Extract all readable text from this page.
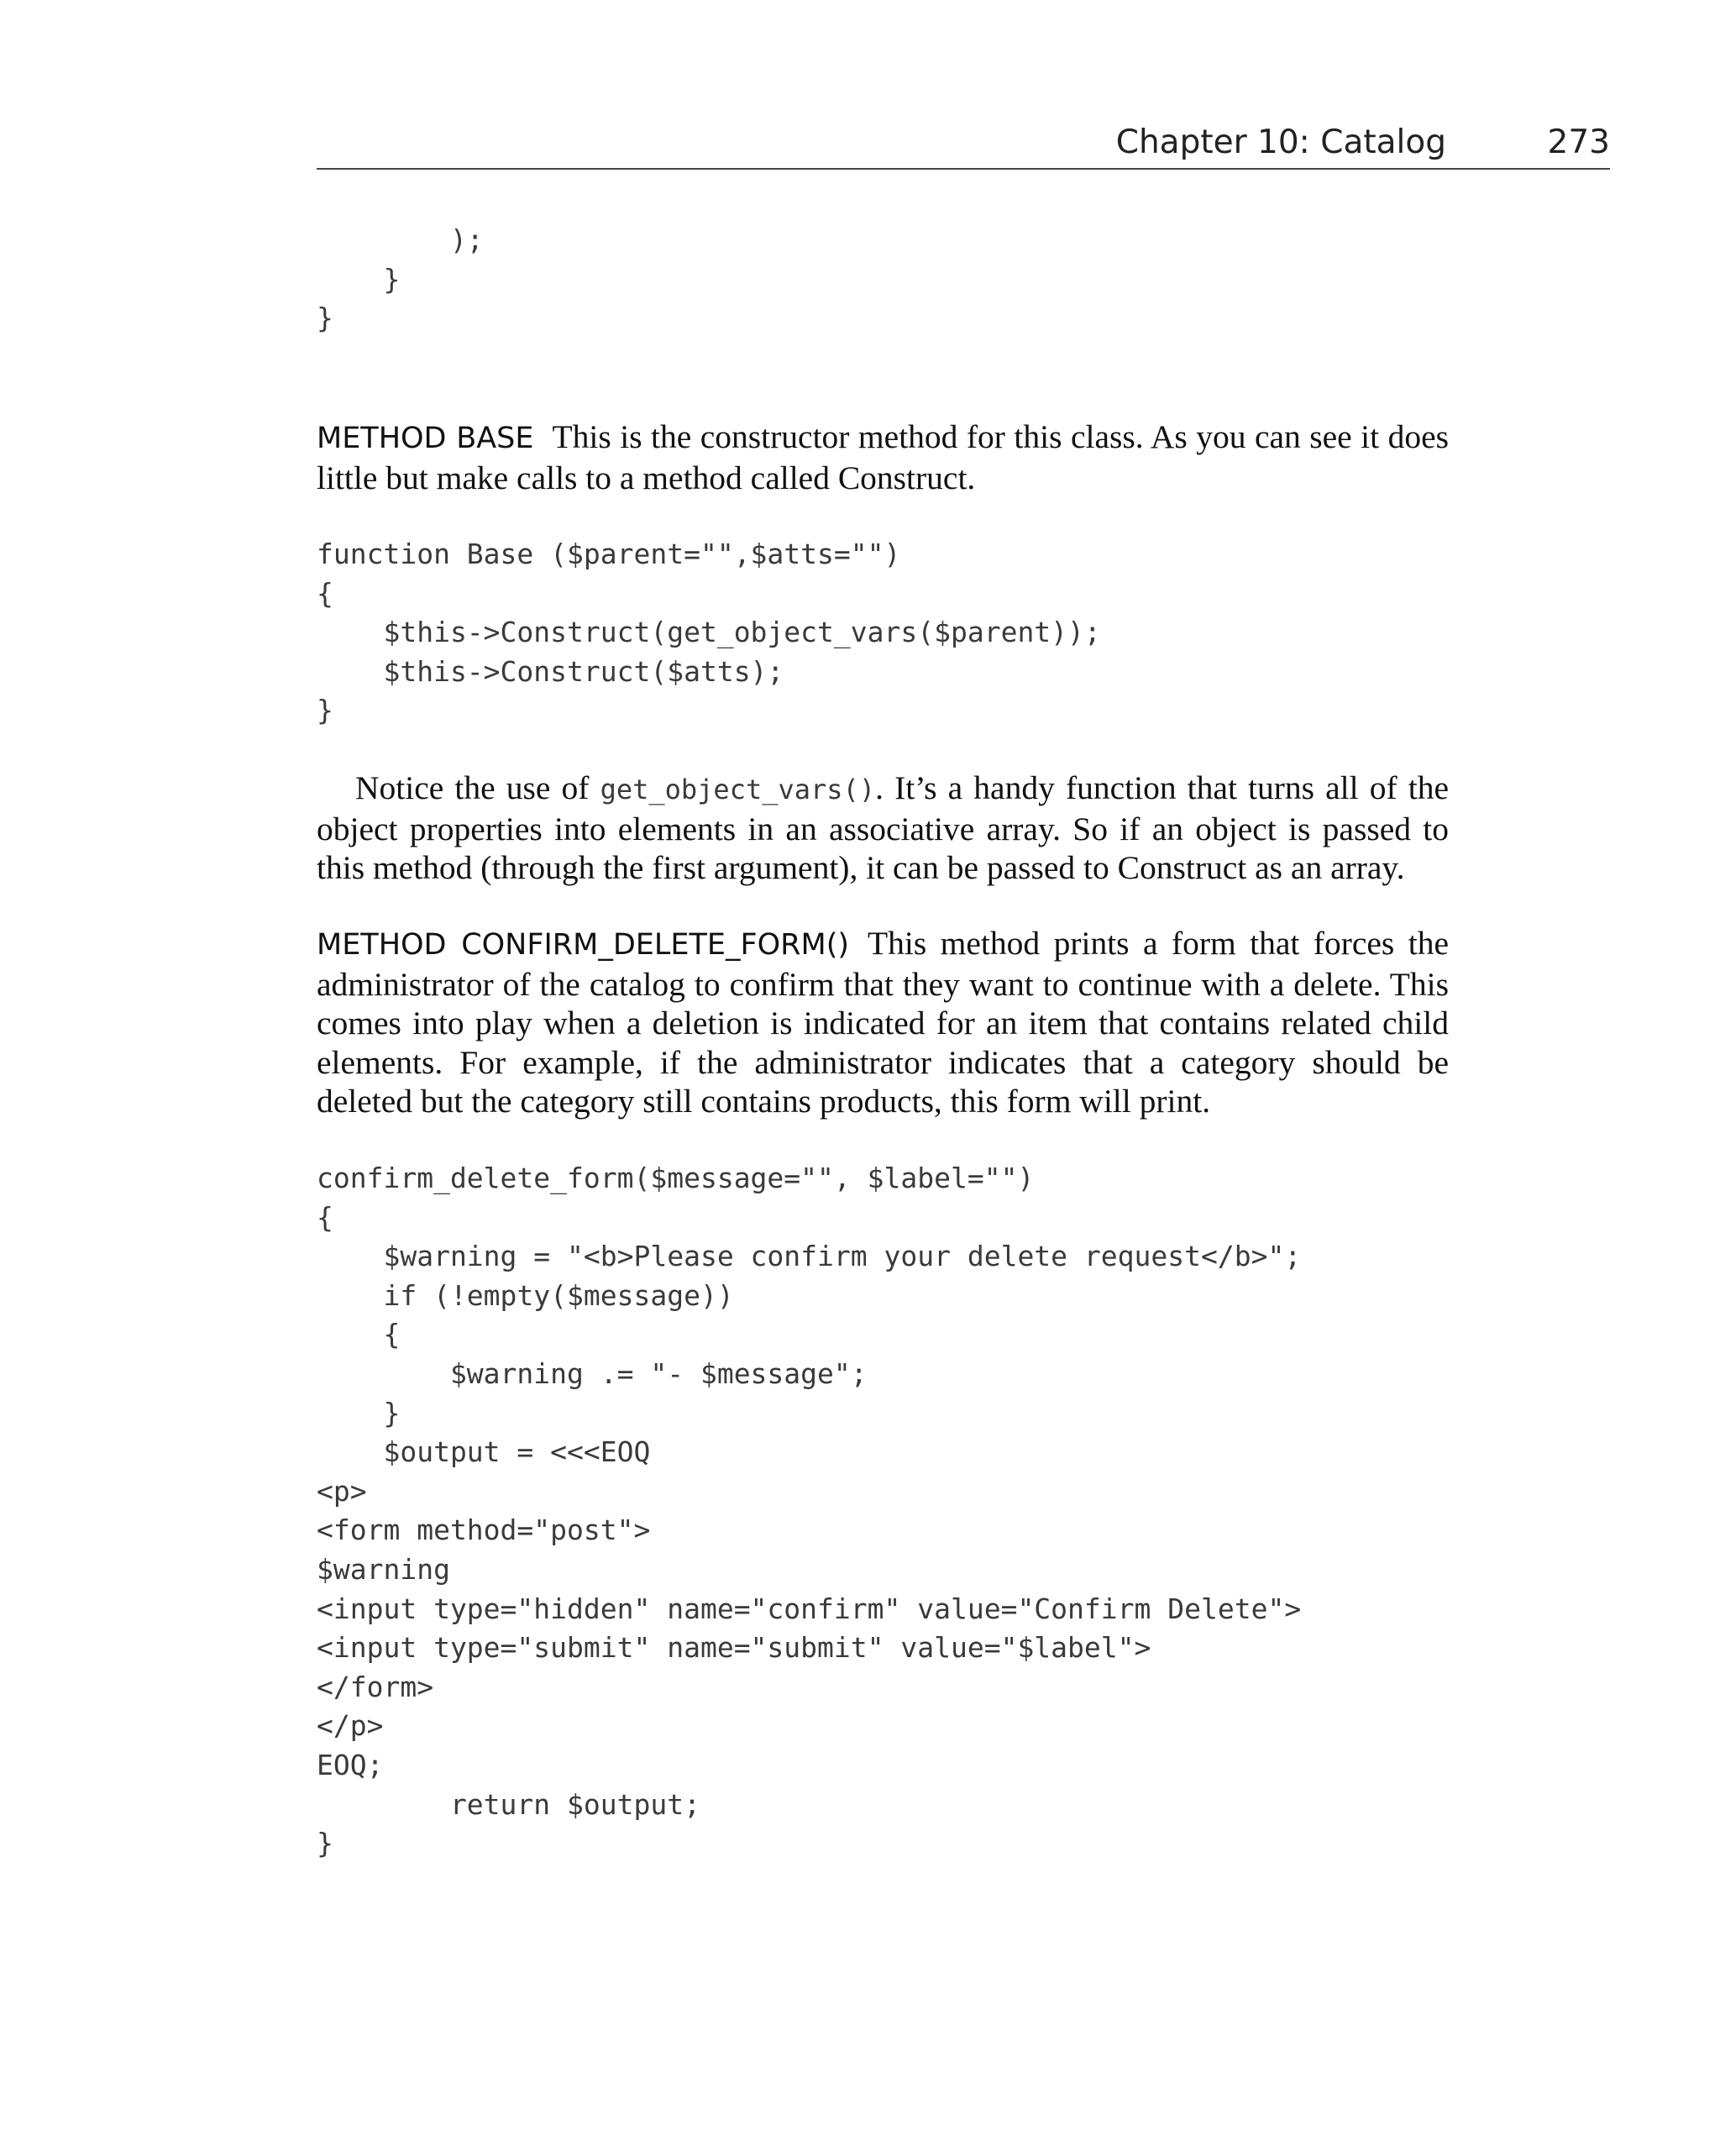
Chapter 10: Catalog	273
);
}
}

METHOD BASE This is the constructor method for this class. As you can see it does little but make calls to a method called Construct.

function Base ($parent="",$atts="")
{
$this->Construct(get_object_vars($parent));
$this->Construct($atts);
}

Notice the use of get_object_vars(). It’s a handy function that turns all of the object properties into elements in an associative array. So if an object is passed to this method (through the first argument), it can be passed to Construct as an array.

METHOD CONFIRM_DELETE_FORM() This method prints a form that forces the administrator of the catalog to confirm that they want to continue with a delete. This comes into play when a deletion is indicated for an item that contains related child elements. For example, if the administrator indicates that a category should be deleted but the category still contains products, this form will print.

confirm_delete_form($message="", $label="")
{
$warning = "<b>Please confirm your delete request</b>";
if (!empty($message))
{
$warning .= "- $message";
}
$output = <<<EOQ
<p>
<form method="post">
$warning
<input type="hidden" name="confirm" value="Confirm Delete">
<input type="submit" name="submit" value="$label">
</form>
</p>
EOQ;
return $output;
}
